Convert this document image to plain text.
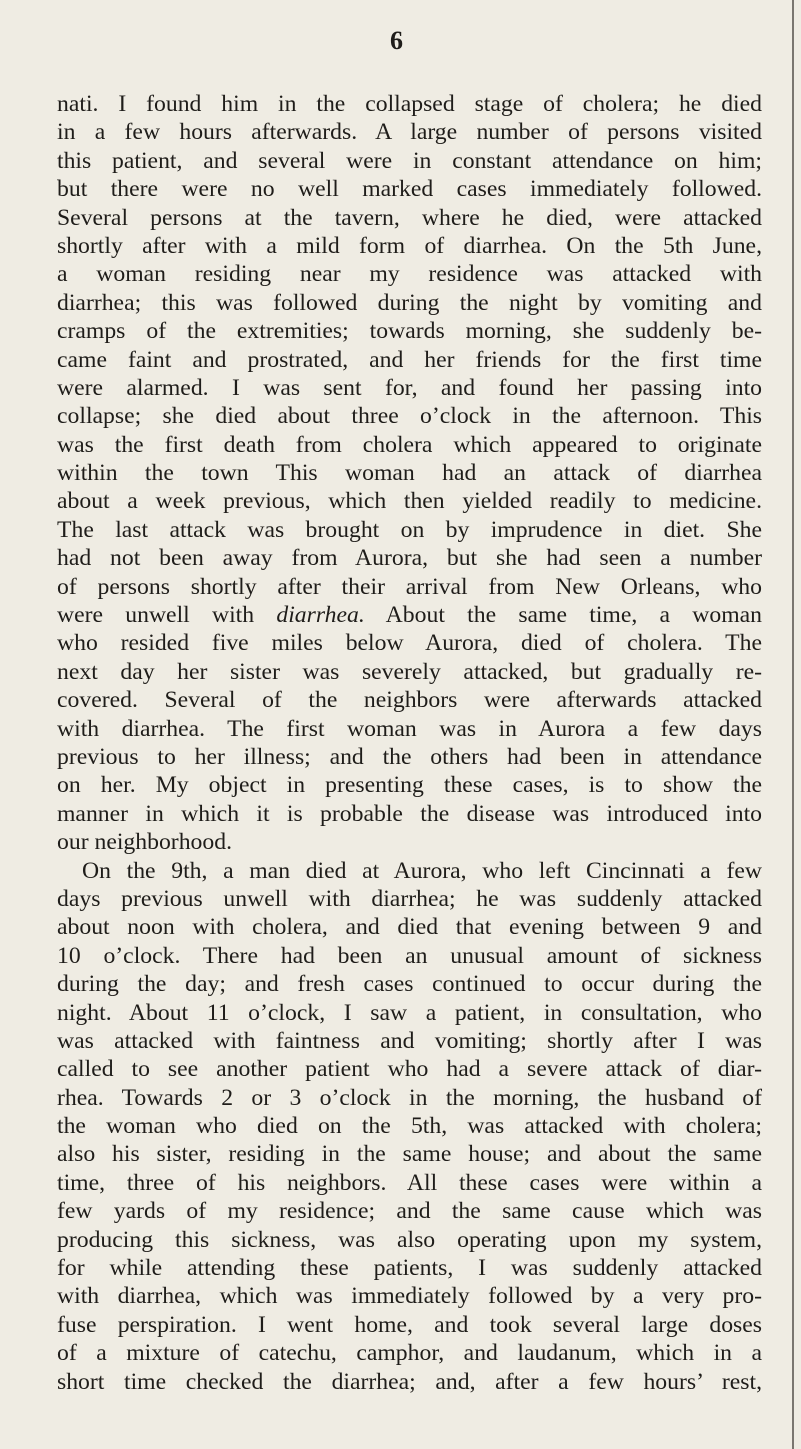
6
nati. I found him in the collapsed stage of cholera; he died
in a few hours afterwards. A large number of persons visited
this patient, and several were in constant attendance on him;
but there were no well marked cases immediately followed.
Several persons at the tavern, where he died, were attacked
shortly after with a mild form of diarrhea. On the 5th June,
a woman residing near my residence was attacked with
diarrhea; this was followed during the night by vomiting and
cramps of the extremities; towards morning, she suddenly be-
came faint and prostrated, and her friends for the first time
were alarmed. I was sent for, and found her passing into
collapse; she died about three o’clock in the afternoon. This
was the first death from cholera which appeared to originate
within the town This woman had an attack of diarrhea
about a week previous, which then yielded readily to medicine.
The last attack was brought on by imprudence in diet. She
had not been away from Aurora, but she had seen a number
of persons shortly after their arrival from New Orleans, who
were unwell with diarrhea. About the same time, a woman
who resided five miles below Aurora, died of cholera. The
next day her sister was severely attacked, but gradually re-
covered. Several of the neighbors were afterwards attacked
with diarrhea. The first woman was in Aurora a few days
previous to her illness; and the others had been in attendance
on her. My object in presenting these cases, is to show the
manner in which it is probable the disease was introduced into
our neighborhood.
On the 9th, a man died at Aurora, who left Cincinnati a few
days previous unwell with diarrhea; he was suddenly attacked
about noon with cholera, and died that evening between 9 and
10 o’clock. There had been an unusual amount of sickness
during the day; and fresh cases continued to occur during the
night. About 11 o’clock, I saw a patient, in consultation, who
was attacked with faintness and vomiting; shortly after I was
called to see another patient who had a severe attack of diar-
rhea. Towards 2 or 3 o’clock in the morning, the husband of
the woman who died on the 5th, was attacked with cholera;
also his sister, residing in the same house; and about the same
time, three of his neighbors. All these cases were within a
few yards of my residence; and the same cause which was
producing this sickness, was also operating upon my system,
for while attending these patients, I was suddenly attacked
with diarrhea, which was immediately followed by a very pro-
fuse perspiration. I went home, and took several large doses
of a mixture of catechu, camphor, and laudanum, which in a
short time checked the diarrhea; and, after a few hours’ rest,
